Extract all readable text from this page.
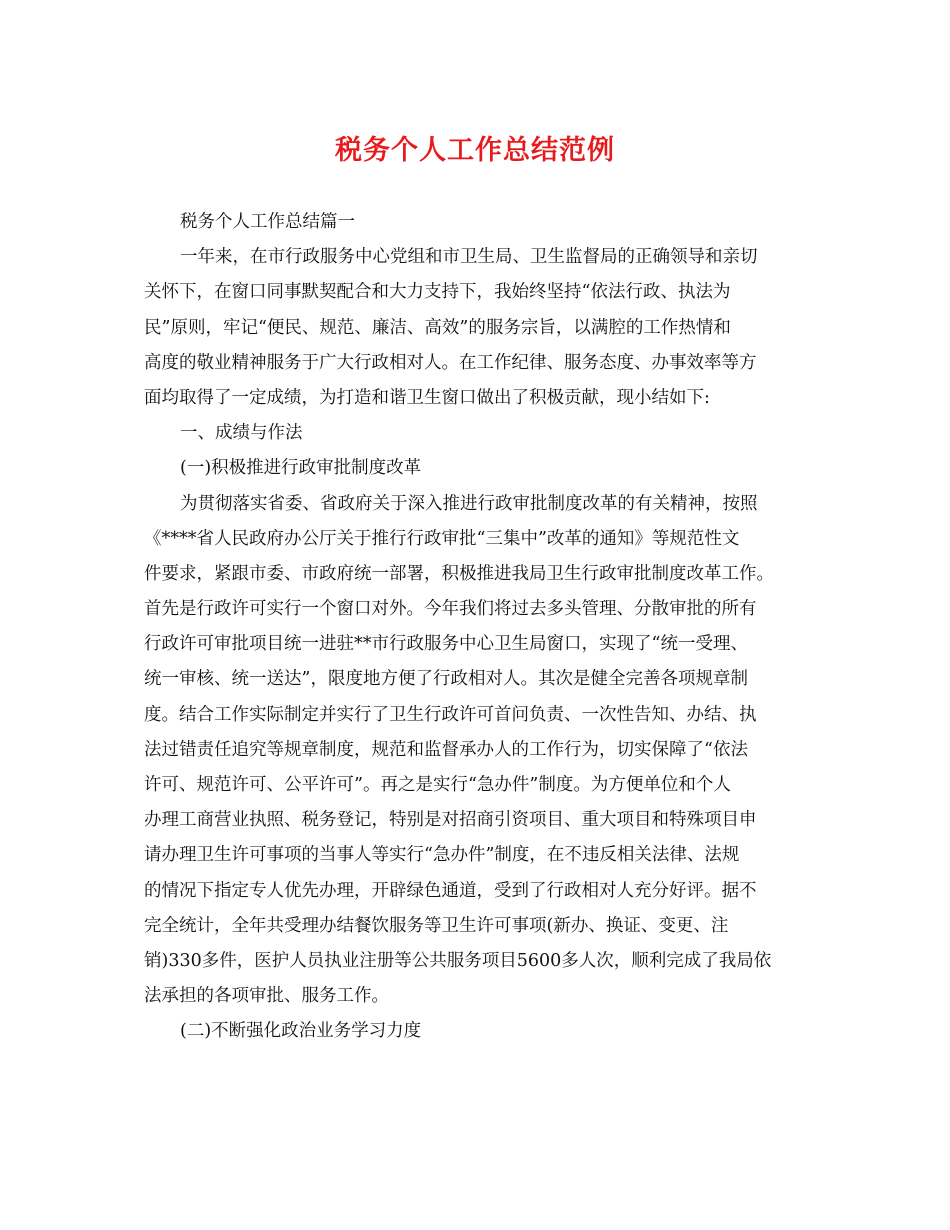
税务个人工作总结范例
税务个人工作总结篇一
一年来，在市行政服务中心党组和市卫生局、卫生监督局的正确领导和亲切
关怀下，在窗口同事默契配合和大力支持下，我始终坚持“依法行政、执法为
民”原则，牢记“便民、规范、廉洁、高效”的服务宗旨，以满腔的工作热情和
高度的敬业精神服务于广大行政相对人。在工作纪律、服务态度、办事效率等方
面均取得了一定成绩，为打造和谐卫生窗口做出了积极贡献，现小结如下:
一、成绩与作法
(一)积极推进行政审批制度改革
为贯彻落实省委、省政府关于深入推进行政审批制度改革的有关精神，按照
《****省人民政府办公厅关于推行行政审批“三集中”改革的通知》等规范性文
件要求，紧跟市委、市政府统一部署，积极推进我局卫生行政审批制度改革工作。
首先是行政许可实行一个窗口对外。今年我们将过去多头管理、分散审批的所有
行政许可审批项目统一进驻**市行政服务中心卫生局窗口，实现了“统一受理、
统一审核、统一送达”，限度地方便了行政相对人。其次是健全完善各项规章制
度。结合工作实际制定并实行了卫生行政许可首问负责、一次性告知、办结、执
法过错责任追究等规章制度，规范和监督承办人的工作行为，切实保障了“依法
许可、规范许可、公平许可”。再之是实行“急办件”制度。为方便单位和个人
办理工商营业执照、税务登记，特别是对招商引资项目、重大项目和特殊项目申
请办理卫生许可事项的当事人等实行“急办件”制度，在不违反相关法律、法规
的情况下指定专人优先办理，开辟绿色通道，受到了行政相对人充分好评。据不
完全统计，全年共受理办结餐饮服务等卫生许可事项(新办、换证、变更、注
销)330多件，医护人员执业注册等公共服务项目5600多人次，顺利完成了我局依
法承担的各项审批、服务工作。
(二)不断强化政治业务学习力度
